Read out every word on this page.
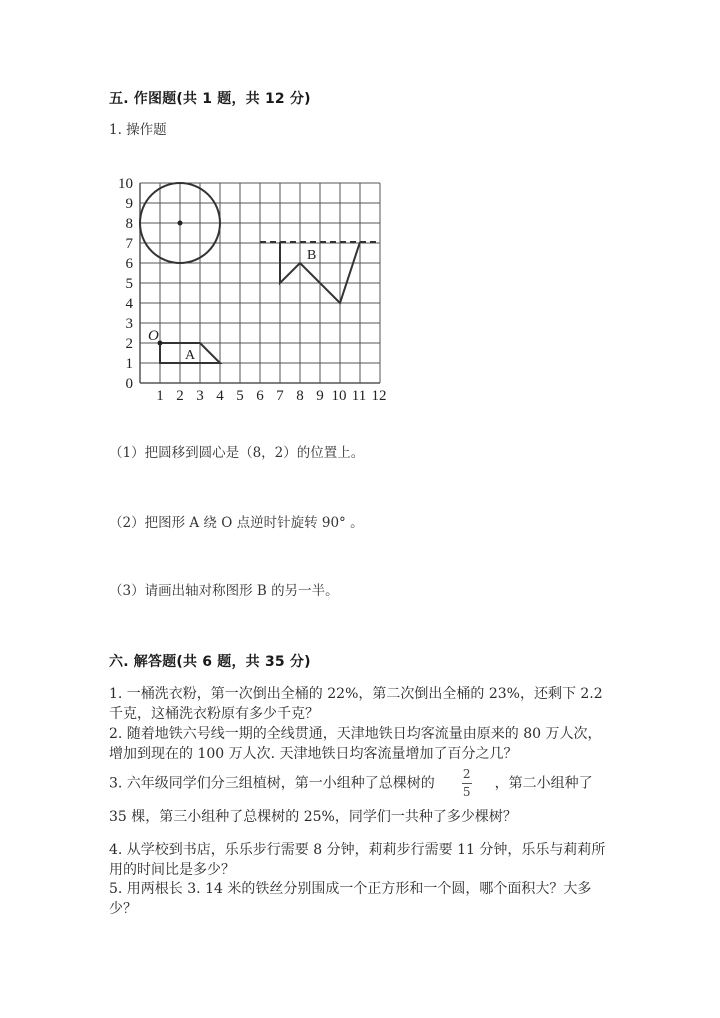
五. 作图题(共 1 题，共 12 分)
1. 操作题
0
1
2
3
4
5
6
7
8
9
10
1 2 3 4 5 6 7 8 9 10 11 12
O
A
B
（1）把圆移到圆心是（8，2）的位置上。
（2）把图形 A 绕 O 点逆时针旋转 90° 。
（3）请画出轴对称图形 B 的另一半。
六. 解答题(共 6 题，共 35 分)
1. 一桶洗衣粉，第一次倒出全桶的 22%，第二次倒出全桶的 23%，还剩下 2.2 千克，这桶洗衣粉原有多少千克？
2. 随着地铁六号线一期的全线贯通，天津地铁日均客流量由原来的 80 万人次，增加到现在的 100 万人次. 天津地铁日均客流量增加了百分之几？
3. 六年级同学们分三组植树，第一小组种了总棵树的 $\frac{2}{5}$ ，第二小组种了
35 棵，第三小组种了总棵树的 25%，同学们一共种了多少棵树？
4. 从学校到书店，乐乐步行需要 8 分钟，莉莉步行需要 11 分钟，乐乐与莉莉所用的时间比是多少？
5. 用两根长 3. 14 米的铁丝分别围成一个正方形和一个圆，哪个面积大？大多少？
